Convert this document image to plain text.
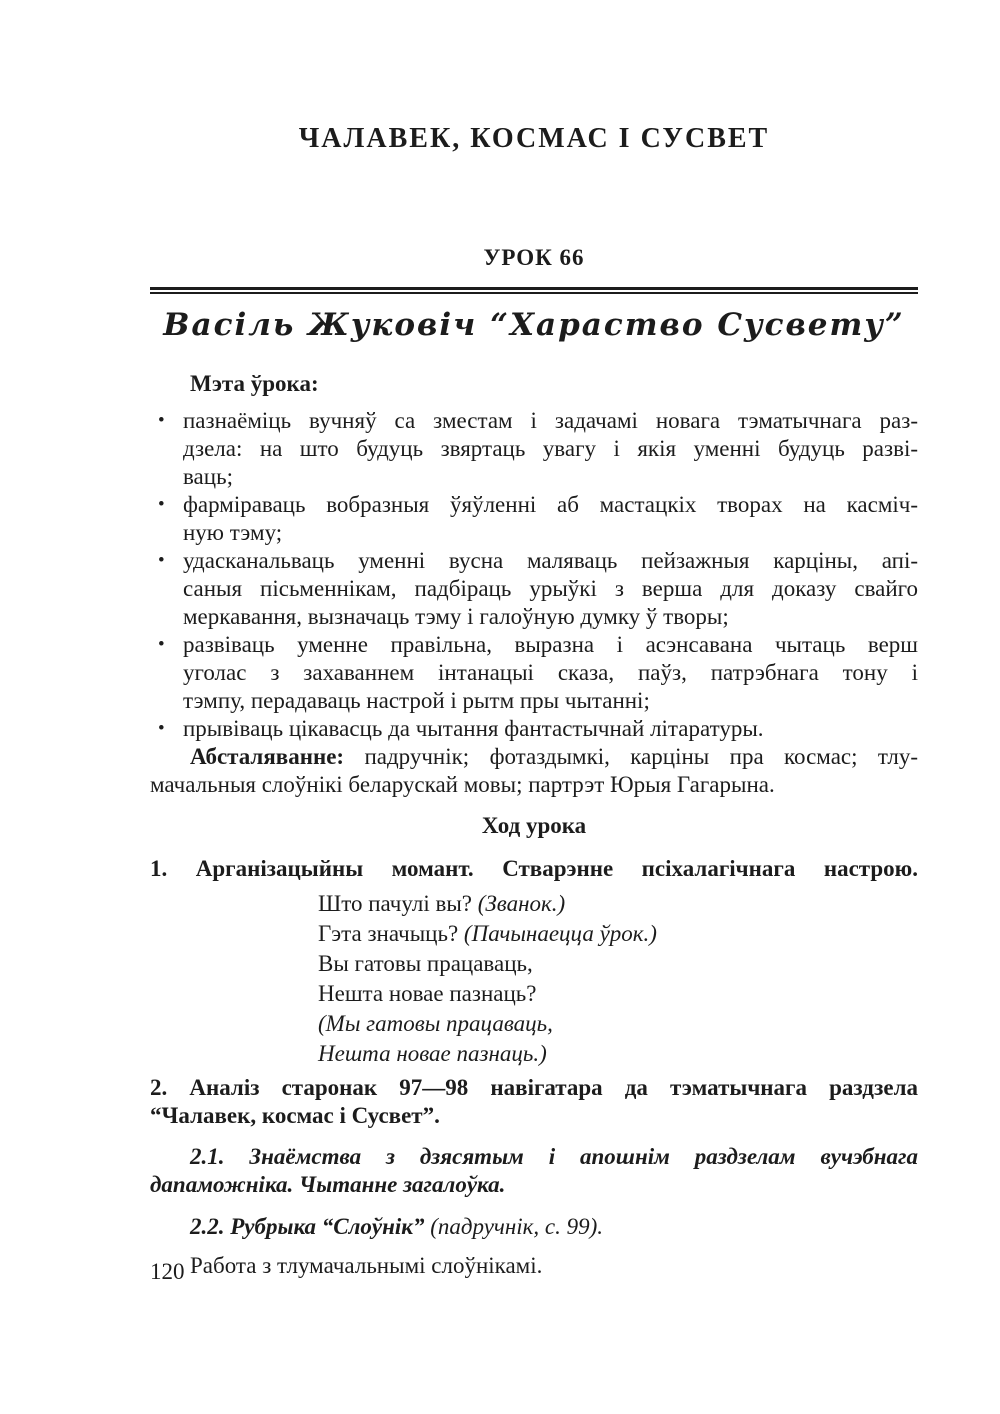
ЧАЛАВЕК, КОСМАС І СУСВЕТ
УРОК 66
Васіль Жуковіч “Хараство Сусвету”

Мэта ўрока:

• пазнаёміць вучняў са зместам і задачамі новага тэматычнага раз-
дзела: на што будуць звяртаць увагу і якія уменні будуць разві-
ваць;
• фарміраваць вобразныя ўяўленні аб мастацкіх творах на касміч-
ную тэму;
• удасканальваць уменні вусна маляваць пейзажныя карціны, апі-
саныя пісьменнікам, падбіраць урыўкі з верша для доказу свайго
меркавання, вызначаць тэму і галоўную думку ў творы;
• развіваць уменне правільна, выразна і асэнсавана чытаць верш
уголас з захаваннем інтанацыі сказа, паўз, патрэбнага тону і
тэмпу, перадаваць настрой і рытм пры чытанні;
• прывіваць цікавасць да чытання фантастычнай літаратуры.
Абсталяванне: падручнік; фотаздымкі, карціны пра космас; тлу-
мачальныя слоўнікі беларускай мовы; партрэт Юрыя Гагарына.

Ход урока

1. Арганізацыйны момант. Стварэнне псіхалагічнага настрою.

Што пачулі вы? (Званок.)
Гэта значыць? (Пачынаецца ўрок.)
Вы гатовы працаваць,
Нешта новае пазнаць?
(Мы гатовы працаваць,
Нешта новае пазнаць.)
2. Аналіз старонак 97—98 навігатара да тэматычнага раздзела
“Чалавек, космас і Сусвет”.
2.1. Знаёмства з дзясятым і апошнім раздзелам вучэбнага
дапаможніка. Чытанне загалоўка.
2.2. Рубрыка “Слоўнік” (падручнік, с. 99).

Работа з тлумачальнымі слоўнікамі.

120
